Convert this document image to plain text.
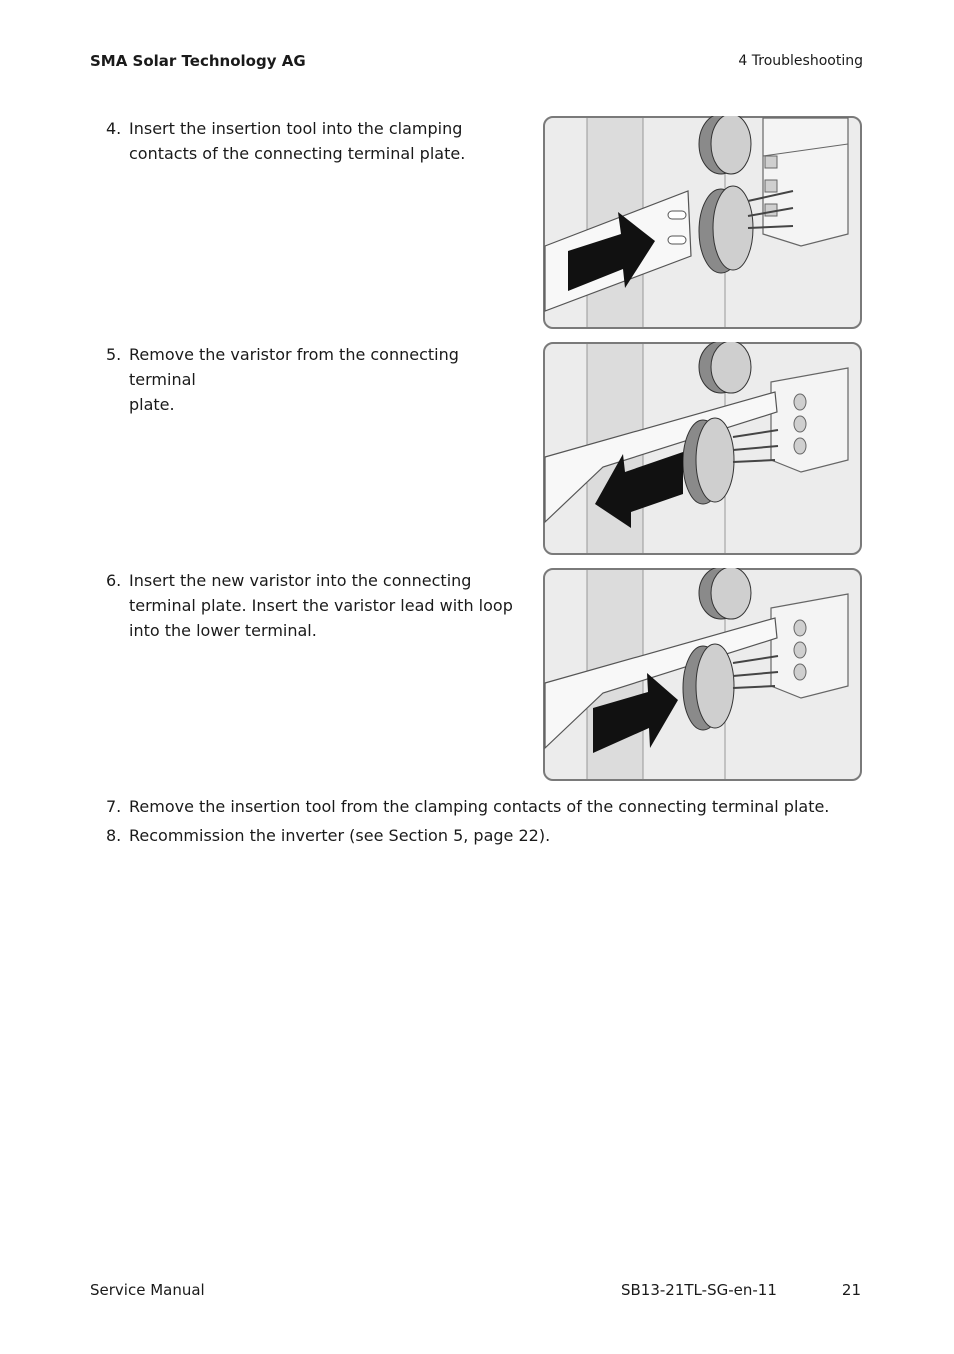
SMA Solar Technology AG	4 Troubleshooting
4. Insert the insertion tool into the clamping
contacts of the connecting terminal plate.
5. Remove the varistor from the connecting terminal
plate.
6. Insert the new varistor into the connecting
terminal plate. Insert the varistor lead with loop
into the lower terminal.
7. Remove the insertion tool from the clamping contacts of the connecting terminal plate.
8. Recommission the inverter (see Section 5, page 22).
Service Manual	SB13-21TL-SG-en-11	21
